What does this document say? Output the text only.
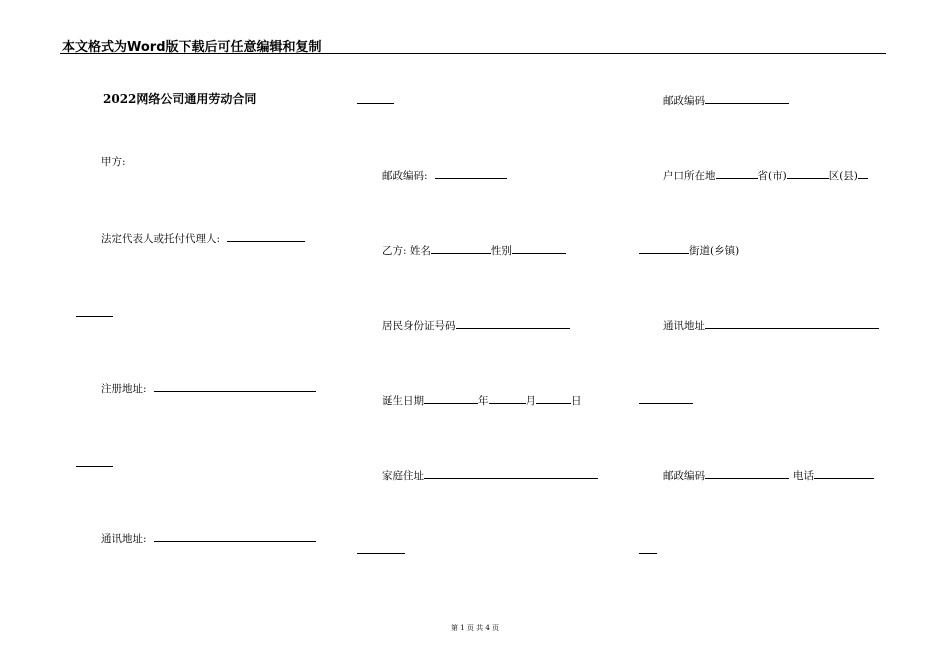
本文格式为Word版下载后可任意编辑和复制
2022网络公司通用劳动合同
甲方:
法定代表人或托付代理人:
注册地址:
通讯地址:
邮政编码:
乙方: 姓名	性别
居民身份证号码
诞生日期	年	月	日
家庭住址
邮政编码
户口所在地	省(市)	区(县)
街道(乡镇)
通讯地址
邮政编码	电话
第 1 页 共 4 页
